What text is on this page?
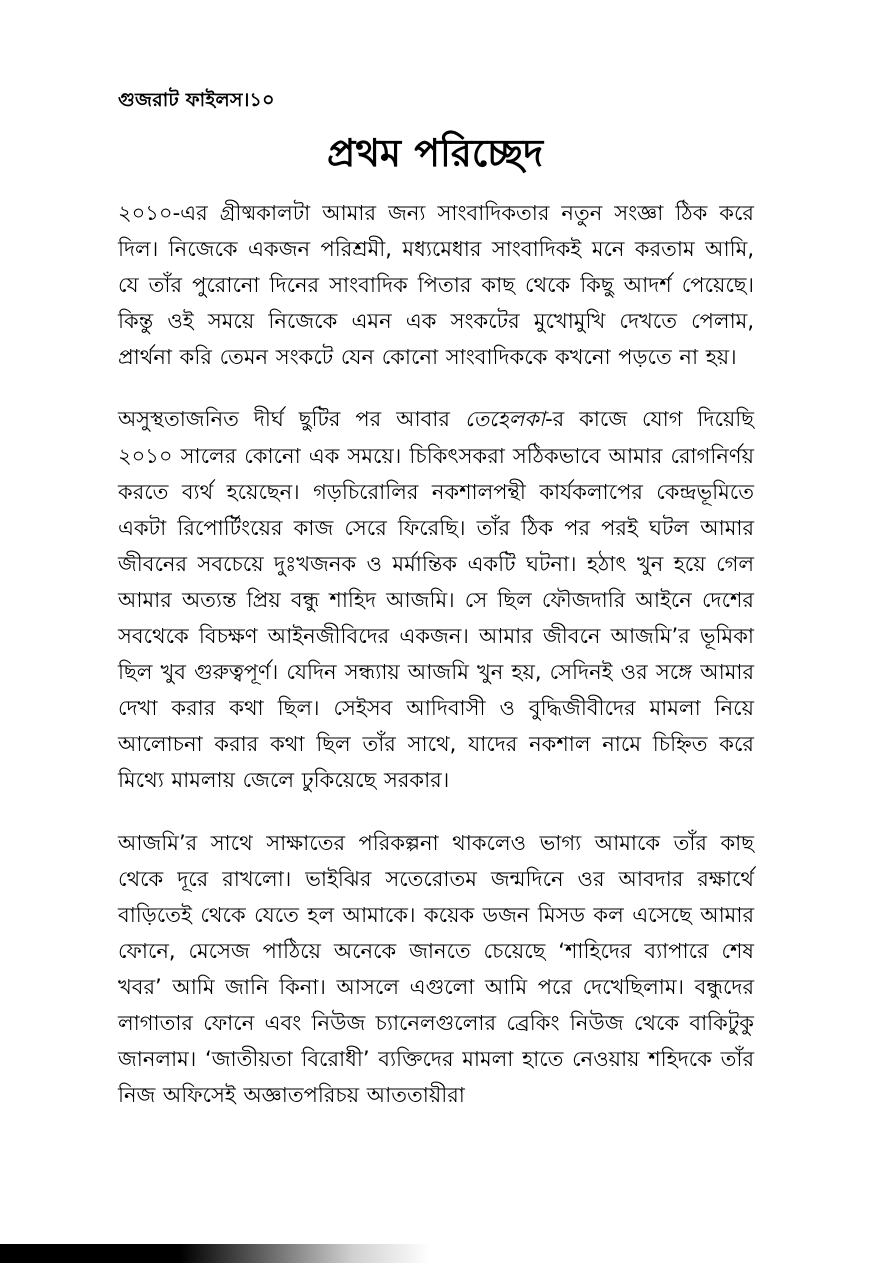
গুজরাট ফাইলস।১০
প্রথম পরিচ্ছেদ

২০১০-এর গ্রীষ্মকালটা আমার জন্য সাংবাদিকতার নতুন সংজ্ঞা ঠিক করে দিল। নিজেকে একজন পরিশ্রমী, মধ্যমেধার সাংবাদিকই মনে করতাম আমি, যে তাঁর পুরোনো দিনের সাংবাদিক পিতার কাছ থেকে কিছু আদর্শ পেয়েছে। কিন্তু ওই সময়ে নিজেকে এমন এক সংকটের মুখোমুখি দেখতে পেলাম, প্রার্থনা করি তেমন সংকটে যেন কোনো সাংবাদিককে কখনো পড়তে না হয়।

অসুস্থতাজনিত দীর্ঘ ছুটির পর আবার তেহেলকা-র কাজে যোগ দিয়েছি ২০১০ সালের কোনো এক সময়ে। চিকিৎসকরা সঠিকভাবে আমার রোগনির্ণয় করতে ব্যর্থ হয়েছেন। গড়চিরোলির নকশালপন্থী কার্যকলাপের কেন্দ্রভূমিতে একটা রিপোর্টিংয়ের কাজ সেরে ফিরেছি। তাঁর ঠিক পর পরই ঘটল আমার জীবনের সবচেয়ে দুঃখজনক ও মর্মান্তিক একটি ঘটনা। হঠাৎ খুন হয়ে গেল আমার অত্যন্ত প্রিয় বন্ধু শাহিদ আজমি। সে ছিল ফৌজদারি আইনে দেশের সবথেকে বিচক্ষণ আইনজীবিদের একজন। আমার জীবনে আজমি’র ভূমিকা ছিল খুব গুরুত্বপূর্ণ। যেদিন সন্ধ্যায় আজমি খুন হয়, সেদিনই ওর সঙ্গে আমার দেখা করার কথা ছিল। সেইসব আদিবাসী ও বুদ্ধিজীবীদের মামলা নিয়ে আলোচনা করার কথা ছিল তাঁর সাথে, যাদের নকশাল নামে চিহ্নিত করে মিথ্যে মামলায় জেলে ঢুকিয়েছে সরকার।

আজমি’র সাথে সাক্ষাতের পরিকল্পনা থাকলেও ভাগ্য আমাকে তাঁর কাছ থেকে দূরে রাখলো। ভাইঝির সতেরোতম জন্মদিনে ওর আবদার রক্ষার্থে বাড়িতেই থেকে যেতে হল আমাকে। কয়েক ডজন মিসড কল এসেছে আমার ফোনে, মেসেজ পাঠিয়ে অনেকে জানতে চেয়েছে ‘শাহিদের ব্যাপারে শেষ খবর’ আমি জানি কিনা। আসলে এগুলো আমি পরে দেখেছিলাম। বন্ধুদের লাগাতার ফোনে এবং নিউজ চ্যানেলগুলোর ব্রেকিং নিউজ থেকে বাকিটুকু জানলাম। ‘জাতীয়তা বিরোধী’ ব্যক্তিদের মামলা হাতে নেওয়ায় শহিদকে তাঁর নিজ অফিসেই অজ্ঞাতপরিচয় আততায়ীরা
